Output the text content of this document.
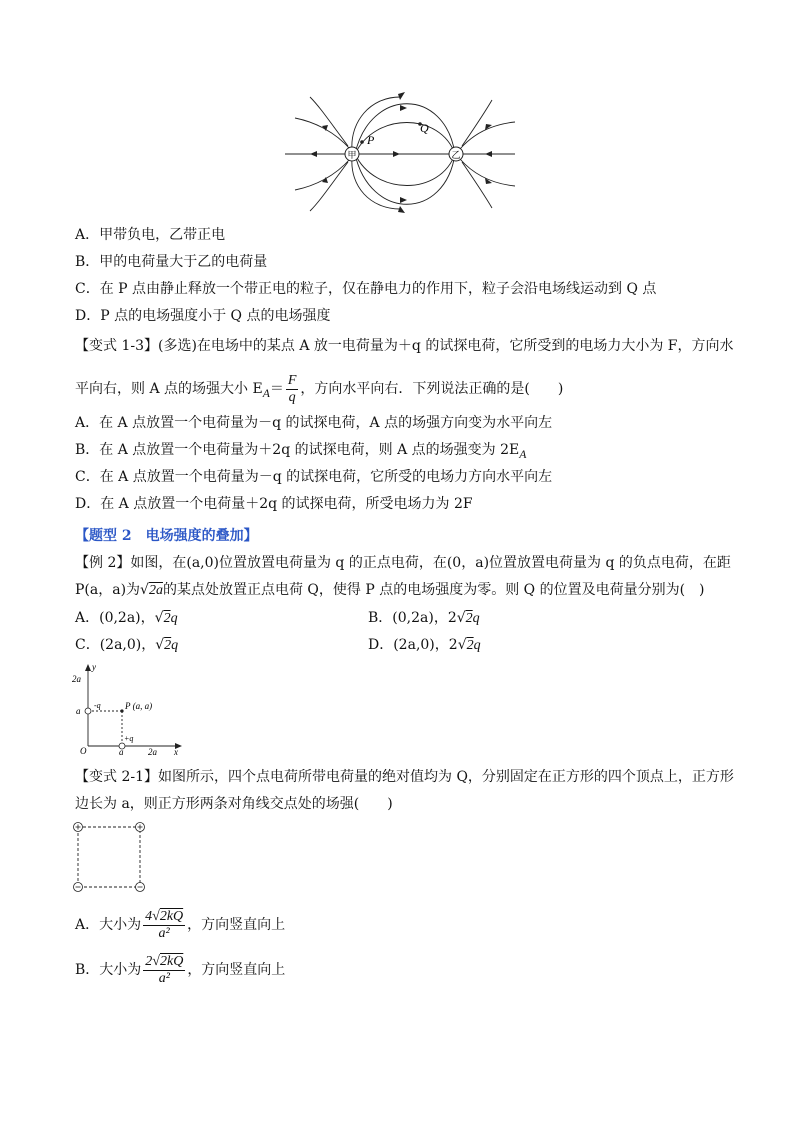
甲	乙
P
Q
A．甲带负电，乙带正电
B．甲的电荷量大于乙的电荷量
C．在 P 点由静止释放一个带正电的粒子，仅在静电力的作用下，粒子会沿电场线运动到 Q 点
D．P 点的电场强度小于 Q 点的电场强度
【变式 1-3】(多选)在电场中的某点 A 放一电荷量为＋q 的试探电荷，它所受到的电场力大小为 F，方向水
平向右，则 A 点的场强大小 $E_A= \frac{F}{q}$ ，方向水平向右．下列说法正确的是(　　)
A．在 A 点放置一个电荷量为－q 的试探电荷，A 点的场强方向变为水平向左
B．在 A 点放置一个电荷量为＋2q 的试探电荷，则 A 点的场强变为 $2E_A$
C．在 A 点放置一个电荷量为－q 的试探电荷，它所受的电场力方向水平向左
D．在 A 点放置一个电荷量＋2q 的试探电荷，所受电场力为 2F
【题型 2　电场强度的叠加】
【例 2】如图，在(a,0)位置放置电荷量为 q 的正点电荷，在(0，a)位置放置电荷量为 q 的负点电荷，在距
P(a，a)为√2a的某点处放置正点电荷 Q，使得 P 点的电场强度为零。则 Q 的位置及电荷量分别为(　)
A．(0,2a)，√2q	B．(0,2a)，2√2q
C．(2a,0)，√2q	D．(2a,0)，2√2q
y
x
O
2a
a
a	2a
-q
+q
P (a, a)
【变式 2-1】如图所示，四个点电荷所带电荷量的绝对值均为 Q，分别固定在正方形的四个顶点上，正方形
边长为 a，则正方形两条对角线交点处的场强(　　)
A．大小为 $\frac{4√2kQ}{\text{a²}}$ ，方向竖直向上
B．大小为 $\frac{2√2kQ}{\text{a²}}$ ，方向竖直向上
